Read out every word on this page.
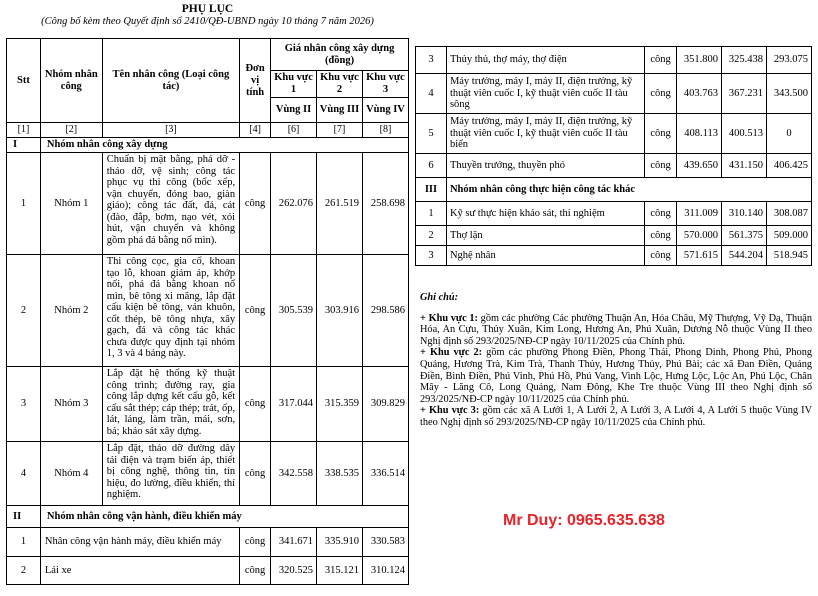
PHỤ LỤC
(Công bố kèm theo Quyết định số 2410/QĐ-UBND ngày 10 tháng 7 năm 2026)
Stt	Nhóm nhân công	Tên nhân công (Loại công tác)	Đơn vị tính	Giá nhân công xây dựng (đồng)		
				Khu vực 1	Khu vực 2	Khu vực 3
				Vùng II	Vùng III	Vùng IV
[1]	[2]	[3]	[4]	[6]	[7]	[8]
I	Nhóm nhân công xây dựng					
1	Nhóm 1	Chuẩn bị mặt bằng, phá dỡ - tháo dỡ, vệ sinh; công tác phục vụ thi công (bốc xếp, vận chuyển, đóng bao, giàn giáo); công tác đất, đá, cát (đào, đắp, bơm, nạo vét, xói hút, vận chuyển và không gồm phá đá bằng nổ mìn).	công	262.076	261.519	258.698
2	Nhóm 2	Thi công cọc, gia cố, khoan tạo lỗ, khoan giảm áp, khớp nối, phá đá bằng khoan nổ mìn, bê tông xi măng, lắp đặt cấu kiện bê tông, ván khuôn, cốt thép, bê tông nhựa, xây gạch, đá và công tác khác chưa được quy định tại nhóm 1, 3 và 4 bảng này.	công	305.539	303.916	298.586
3	Nhóm 3	Lắp đặt hệ thống kỹ thuật công trình; đường ray, gia công lắp dựng kết cấu gỗ, kết cấu sắt thép; cáp thép; trát, ốp, lát, láng, làm trần, mái, sơn, bả; khảo sát xây dựng.	công	317.044	315.359	309.829
4	Nhóm 4	Lắp đặt, tháo dỡ đường dây tải điện và trạm biến áp, thiết bị công nghệ, thông tin, tín hiệu, đo lường, điều khiển, thí nghiệm.	công	342.558	338.535	336.514
II	Nhóm nhân công vận hành, điều khiển máy					
1	Nhân công vận hành máy, điều khiển máy		công	341.671	335.910	330.583
2	Lái xe		công	320.525	315.121	310.124
3	Thủy thủ, thợ máy, thợ điện	công	351.800	325.438	293.075
4	Máy trưởng, máy I, máy II, điện trưởng, kỹ thuật viên cuốc I, kỹ thuật viên cuốc II tàu sông	công	403.763	367.231	343.500
5	Máy trưởng, máy I, máy II, điện trưởng, kỹ thuật viên cuốc I, kỹ thuật viên cuốc II tàu biển	công	408.113	400.513	0
6	Thuyền trưởng, thuyền phó	công	439.650	431.150	406.425
III	Nhóm nhân công thực hiện công tác khác				
1	Kỹ sư thực hiện khảo sát, thí nghiệm	công	311.009	310.140	308.087
2	Thợ lặn	công	570.000	561.375	509.000
3	Nghệ nhân	công	571.615	544.204	518.945
Ghi chú:

+ Khu vực 1: gồm các phường Các phường Thuận An, Hóa Châu, Mỹ Thượng, Vỹ Dạ, Thuận Hóa, An Cựu, Thủy Xuân, Kim Long, Hương An, Phú Xuân, Dương Nỗ thuộc Vùng II theo Nghị định số 293/2025/NĐ-CP ngày 10/11/2025 của Chính phủ.

+ Khu vực 2: gồm các phường Phong Điền, Phong Thái, Phong Dinh, Phong Phú, Phong Quảng, Hương Trà, Kim Trà, Thanh Thủy, Hương Thủy, Phú Bài; các xã Đan Điền, Quảng Điền, Bình Điền, Phú Vinh, Phú Hồ, Phú Vang, Vinh Lộc, Hưng Lộc, Lộc An, Phú Lộc, Chân Mây - Lăng Cô, Long Quảng, Nam Đông, Khe Tre thuộc Vùng III theo Nghị định số 293/2025/NĐ-CP ngày 10/11/2025 của Chính phủ.

+ Khu vực 3: gồm các xã A Lưới 1, A Lưới 2, A Lưới 3, A Lưới 4, A Lưới 5 thuộc Vùng IV theo Nghị định số 293/2025/NĐ-CP ngày 10/11/2025 của Chính phủ.

Mr Duy: 0965.635.638
